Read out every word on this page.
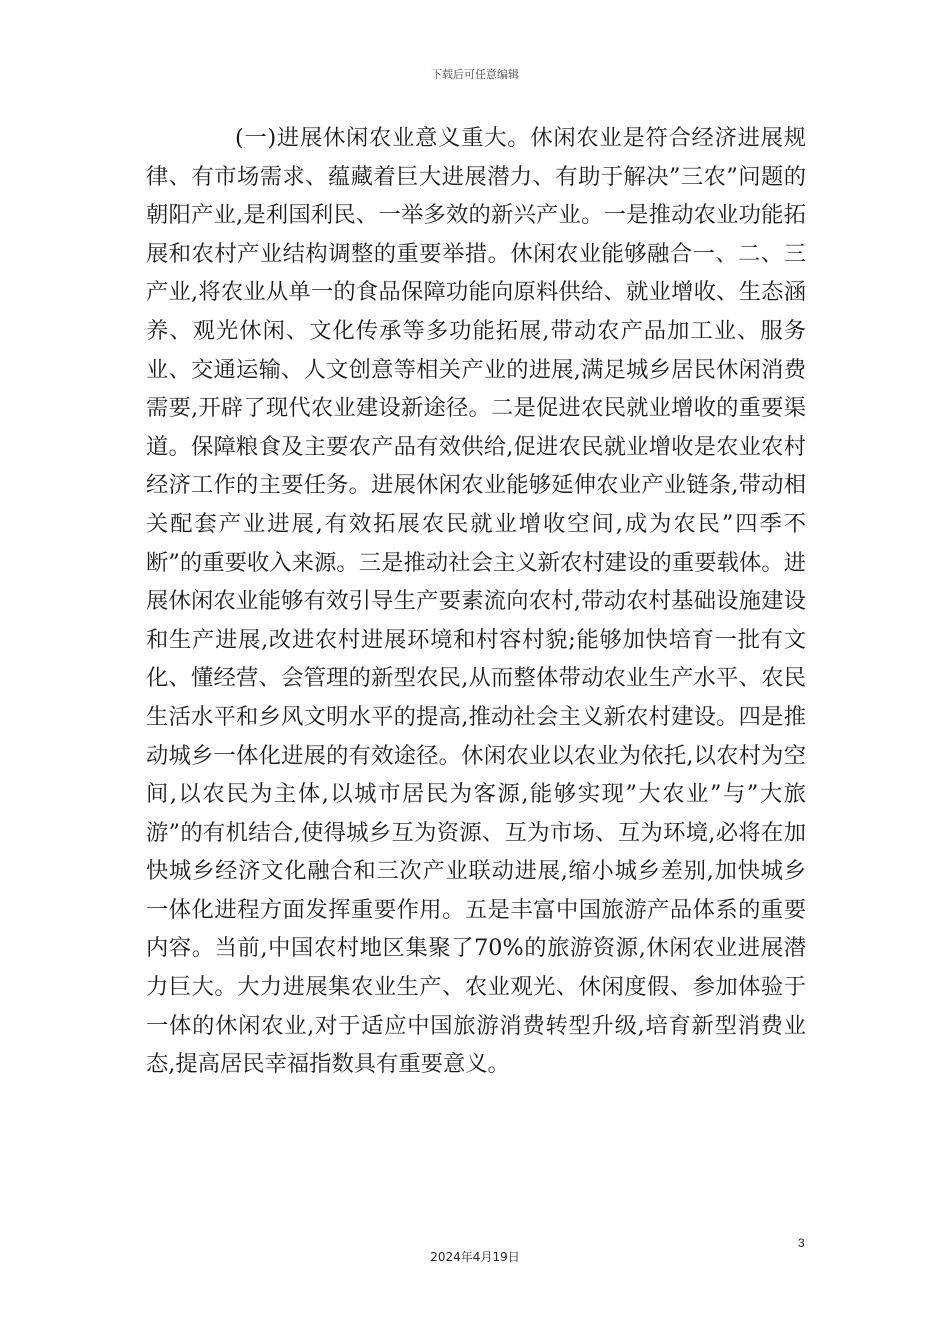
下载后可任意编辑

(一)进展休闲农业意义重大。休闲农业是符合经济进展规律、有市场需求、蕴藏着巨大进展潜力、有助于解决”三农”问题的朝阳产业,是利国利民、一举多效的新兴产业。一是推动农业功能拓展和农村产业结构调整的重要举措。休闲农业能够融合一、二、三产业,将农业从单一的食品保障功能向原料供给、就业增收、生态涵养、观光休闲、文化传承等多功能拓展,带动农产品加工业、服务业、交通运输、人文创意等相关产业的进展,满足城乡居民休闲消费需要,开辟了现代农业建设新途径。二是促进农民就业增收的重要渠道。保障粮食及主要农产品有效供给,促进农民就业增收是农业农村经济工作的主要任务。进展休闲农业能够延伸农业产业链条,带动相关配套产业进展,有效拓展农民就业增收空间,成为农民”四季不断”的重要收入来源。三是推动社会主义新农村建设的重要载体。进展休闲农业能够有效引导生产要素流向农村,带动农村基础设施建设和生产进展,改进农村进展环境和村容村貌;能够加快培育一批有文化、懂经营、会管理的新型农民,从而整体带动农业生产水平、农民生活水平和乡风文明水平的提高,推动社会主义新农村建设。四是推动城乡一体化进展的有效途径。休闲农业以农业为依托,以农村为空间,以农民为主体,以城市居民为客源,能够实现”大农业”与”大旅游”的有机结合,使得城乡互为资源、互为市场、互为环境,必将在加快城乡经济文化融合和三次产业联动进展,缩小城乡差别,加快城乡一体化进程方面发挥重要作用。五是丰富中国旅游产品体系的重要内容。当前,中国农村地区集聚了70%的旅游资源,休闲农业进展潜力巨大。大力进展集农业生产、农业观光、休闲度假、参加体验于一体的休闲农业,对于适应中国旅游消费转型升级,培育新型消费业态,提高居民幸福指数具有重要意义。

3
2024年4月19日
